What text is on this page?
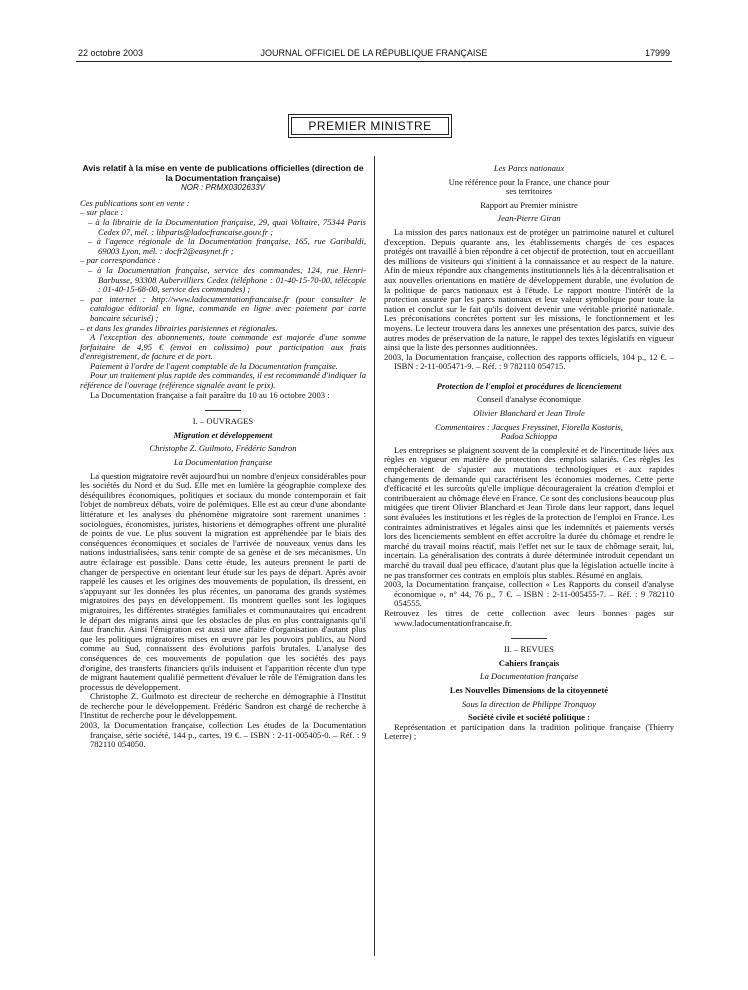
22 octobre 2003	JOURNAL OFFICIEL DE LA RÉPUBLIQUE FRANÇAISE	17999
PREMIER MINISTRE

Avis relatif à la mise en vente de publications officielles (direction de la Documentation française)

NOR : PRMX0302633V

Ces publications sont en vente :

– sur place :

– à la librairie de la Documentation française, 29, quai Voltaire, 75344 Paris Cedex 07, mél. : libparis@ladocfrancaise.gouv.fr ;

– à l'agence régionale de la Documentation française, 165, rue Garibaldi, 69003 Lyon, mél. : docfr2@easynet.fr ;

– par correspondance :

– à la Documentation française, service des commandes, 124, rue Henri-Barbusse, 93308 Aubervilliers Cedex (téléphone : 01-40-15-70-00, télécopie : 01-40-15-68-00, service des commandes) ;

– par internet : http://www.ladocumentationfrancaise.fr (pour consulter le catalogue éditorial en ligne, commande en ligne avec paiement par carte bancaire sécurisé) ;

– et dans les grandes librairies parisiennes et régionales.

A l'exception des abonnements, toute commande est majorée d'une somme forfaitaire de 4,95 € (envoi en colissimo) pour participation aux frais d'enregistrement, de facture et de port.

Paiement à l'ordre de l'agent comptable de la Documentation française.

Pour un traitement plus rapide des commandes, il est recommandé d'indiquer la référence de l'ouvrage (référence signalée avant le prix).

La Documentation française a fait paraître du 10 au 16 octobre 2003 :

I. – OUVRAGES

Migration et développement

Christophe Z. Guilmoto, Frédéric Sandron

La Documentation française

La question migratoire revêt aujourd'hui un nombre d'enjeux considérables pour les sociétés du Nord et du Sud. Elle met en lumière la géographie complexe des déséquilibres économiques, politiques et sociaux du monde contemporain et fait l'objet de nombreux débats, voire de polémiques. Elle est au cœur d'une abondante littérature et les analyses du phénomène migratoire sont rarement unanimes : sociologues, économistes, juristes, historiens et démographes offrent une pluralité de points de vue. Le plus souvent la migration est appréhendée par le biais des conséquences économiques et sociales de l'arrivée de nouveaux venus dans les nations industrialisées, sans tenir compte de sa genèse et de ses mécanismes. Un autre éclairage est possible. Dans cette étude, les auteurs prennent le parti de changer de perspective en orientant leur étude sur les pays de départ. Après avoir rappelé les causes et les origines des mouvements de population, ils dressent, en s'appuyant sur les données les plus récentes, un panorama des grands systèmes migratoires des pays en développement. Ils montrent quelles sont les logiques migratoires, les différentes stratégies familiales et communautaires qui encadrent le départ des migrants ainsi que les obstacles de plus en plus contraignants qu'il faut franchir. Ainsi l'émigration est aussi une affaire d'organisation d'autant plus que les politiques migratoires mises en œuvre par les pouvoirs publics, au Nord comme au Sud, connaissent des évolutions parfois brutales. L'analyse des conséquences de ces mouvements de population que les sociétés des pays d'origine, des transferts financiers qu'ils induisent et l'apparition récente d'un type de migrant hautement qualifié permettent d'évaluer le rôle de l'émigration dans les processus de développement.

Christophe Z. Guilmoto est directeur de recherche en démographie à l'Institut de recherche pour le développement. Frédéric Sandron est chargé de recherche à l'Institut de recherche pour le développement.

2003, la Documentation française, collection Les études de la Documentation française, série société, 144 p., cartes, 19 €. – ISBN : 2-11-005405-0. – Réf. : 9 782110 054050.

Les Parcs nationaux

Une référence pour la France, une chance pour ses territoires

Rapport au Premier ministre

Jean-Pierre Giran

La mission des parcs nationaux est de protéger un patrimoine naturel et culturel d'exception. Depuis quarante ans, les établissements chargés de ces espaces protégés ont travaillé à bien répondre à cet objectif de protection, tout en accueillant des millions de visiteurs qui s'initient à la connaissance et au respect de la nature. Afin de mieux répondre aux changements institutionnels liés à la décentralisation et aux nouvelles orientations en matière de développement durable, une évolution de la politique de parcs nationaux est à l'étude. Le rapport montre l'intérêt de la protection assurée par les parcs nationaux et leur valeur symbolique pour toute la nation et conclut sur le fait qu'ils doivent devenir une véritable priorité nationale. Les préconisations concrètes portent sur les missions, le fonctionnement et les moyens. Le lecteur trouvera dans les annexes une présentation des parcs, suivie des autres modes de préservation de la nature, le rappel des textes législatifs en vigueur ainsi que la liste des personnes auditionnées.

2003, la Documentation française, collection des rapports officiels, 104 p., 12 €. – ISBN : 2-11-005471-9. – Réf. : 9 782110 054715.

Protection de l'emploi et procédures de licenciement

Conseil d'analyse économique

Olivier Blanchard et Jean Tirole

Commentaires : Jacques Freyssinet, Fiorella Kostoris, Padoa Schioppa

Les entreprises se plaignent souvent de la complexité et de l'incertitude liées aux règles en vigueur en matière de protection des emplois salariés. Ces règles les empêcheraient de s'ajuster aux mutations technologiques et aux rapides changements de demande qui caractérisent les économies modernes. Cette perte d'efficacité et les surcoûts qu'elle implique décourageraient la création d'emploi et contribueraient au chômage élevé en France. Ce sont des conclusions beaucoup plus mitigées que tirent Olivier Blanchard et Jean Tirole dans leur rapport, dans lequel sont évaluées les institutions et les règles de la protection de l'emploi en France. Les contraintes administratives et légales ainsi que les indemnités et paiements versés lors des licenciements semblent en effet accroître la durée du chômage et rendre le marché du travail moins réactif, mais l'effet net sur le taux de chômage serait, lui, incertain. La généralisation des contrats à durée déterminée introduit cependant un marché du travail dual peu efficace, d'autant plus que la législation actuelle incite à ne pas transformer ces contrats en emplois plus stables. Résumé en anglais.

2003, la Documentation française, collection « Les Rapports du conseil d'analyse économique », n° 44, 76 p., 7 €. – ISBN : 2-11-005455-7. – Réf. : 9 782110 054555.

Retrouvez les titres de cette collection avec leurs bonnes pages sur www.ladocumentationfrancaise.fr.

II. – REVUES

Cahiers français

La Documentation française

Les Nouvelles Dimensions de la citoyenneté

Sous la direction de Philippe Tronquoy

Société civile et société politique :

Représentation et participation dans la tradition politique française (Thierry Leterre) ;
